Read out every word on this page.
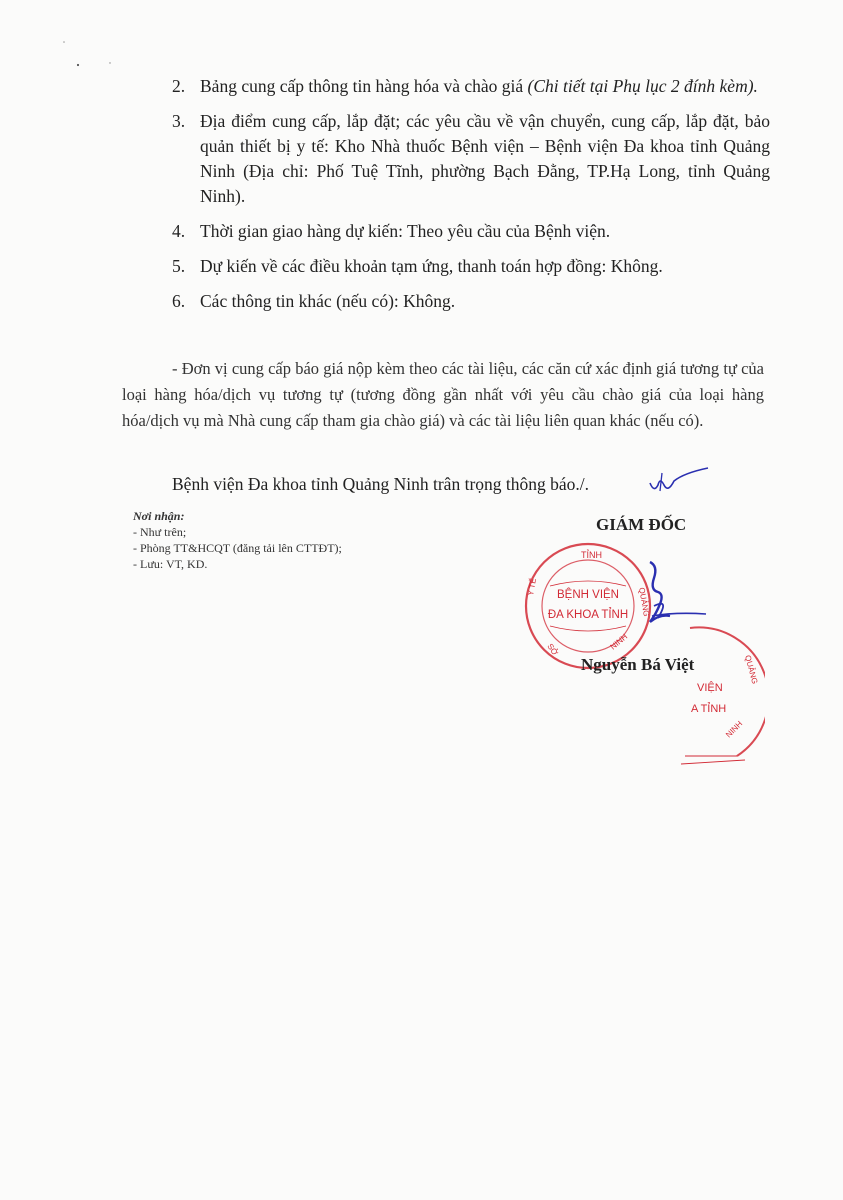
2. Bảng cung cấp thông tin hàng hóa và chào giá (Chi tiết tại Phụ lục 2 đính kèm).
3. Địa điểm cung cấp, lắp đặt; các yêu cầu về vận chuyển, cung cấp, lắp đặt, bảo quản thiết bị y tế: Kho Nhà thuốc Bệnh viện – Bệnh viện Đa khoa tỉnh Quảng Ninh (Địa chỉ: Phố Tuệ Tĩnh, phường Bạch Đằng, TP.Hạ Long, tỉnh Quảng Ninh).
4. Thời gian giao hàng dự kiến: Theo yêu cầu của Bệnh viện.
5. Dự kiến về các điều khoản tạm ứng, thanh toán hợp đồng: Không.
6. Các thông tin khác (nếu có): Không.

- Đơn vị cung cấp báo giá nộp kèm theo các tài liệu, các căn cứ xác định giá tương tự của loại hàng hóa/dịch vụ tương tự (tương đồng gần nhất với yêu cầu chào giá của loại hàng hóa/dịch vụ mà Nhà cung cấp tham gia chào giá) và các tài liệu liên quan khác (nếu có).

Bệnh viện Đa khoa tỉnh Quảng Ninh trân trọng thông báo./.

Nơi nhận:
- Như trên;
- Phòng TT&HCQT (đăng tải lên CTTĐT);
- Lưu: VT, KD.

GIÁM ĐỐC

TỈNH
QUẢNG
Y TẾ
SỞ	NINH
BỆNH VIỆN
ĐA KHOA TỈNH
VIỆN
A TỈNH
QUẢNG
NINH

Nguyễn Bá Việt
